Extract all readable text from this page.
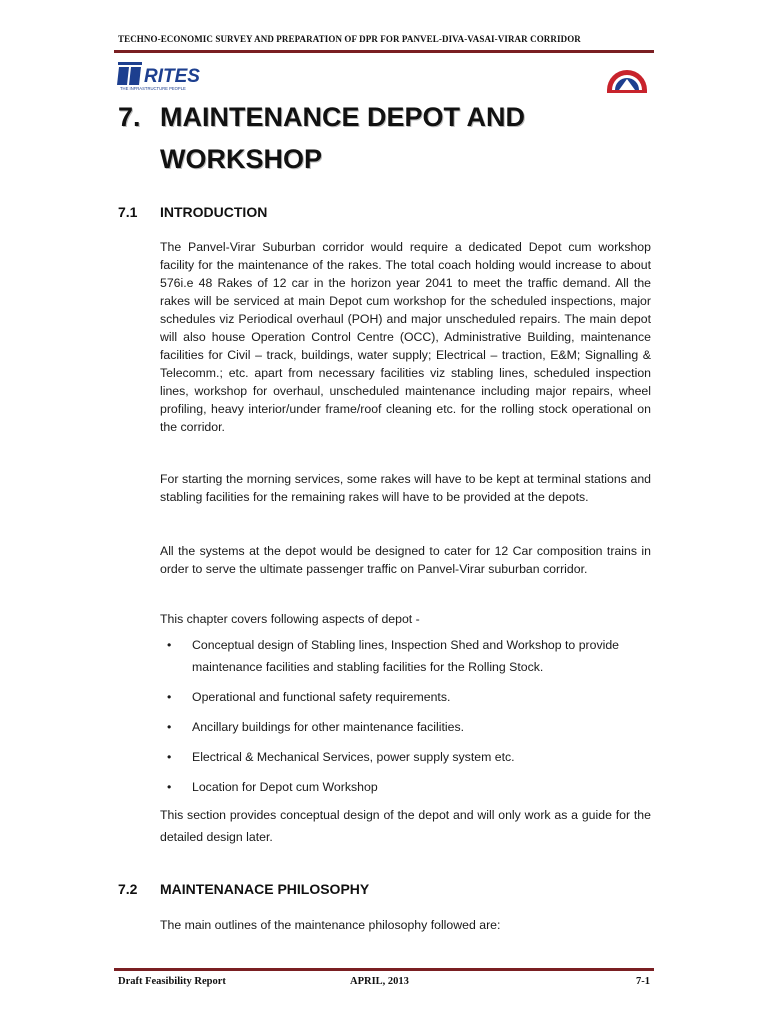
TECHNO-ECONOMIC SURVEY AND PREPARATION OF DPR FOR PANVEL-DIVA-VASAI-VIRAR CORRIDOR
RITES
THE INFRASTRUCTURE PEOPLE
7. MAINTENANCE DEPOT AND
WORKSHOP
7.1 INTRODUCTION

The Panvel-Virar Suburban corridor would require a dedicated Depot cum workshop facility for the maintenance of the rakes. The total coach holding would increase to about 576i.e 48 Rakes of 12 car in the horizon year 2041 to meet the traffic demand. All the rakes will be serviced at main Depot cum workshop for the scheduled inspections, major schedules viz Periodical overhaul (POH) and major unscheduled repairs. The main depot will also house Operation Control Centre (OCC), Administrative Building, maintenance facilities for Civil – track, buildings, water supply; Electrical – traction, E&M; Signalling & Telecomm.; etc. apart from necessary facilities viz stabling lines, scheduled inspection lines, workshop for overhaul, unscheduled maintenance including major repairs, wheel profiling, heavy interior/under frame/roof cleaning etc. for the rolling stock operational on the corridor.

For starting the morning services, some rakes will have to be kept at terminal stations and stabling facilities for the remaining rakes will have to be provided at the depots.

All the systems at the depot would be designed to cater for 12 Car composition trains in order to serve the ultimate passenger traffic on Panvel-Virar suburban corridor.

This chapter covers following aspects of depot -

• Conceptual design of Stabling lines, Inspection Shed and Workshop to provide maintenance facilities and stabling facilities for the Rolling Stock.
• Operational and functional safety requirements.
• Ancillary buildings for other maintenance facilities.
• Electrical & Mechanical Services, power supply system etc.
• Location for Depot cum Workshop

This section provides conceptual design of the depot and will only work as a guide for the detailed design later.

7.2 MAINTENANACE PHILOSOPHY

The main outlines of the maintenance philosophy followed are:

Draft Feasibility Report	APRIL, 2013	7-1
